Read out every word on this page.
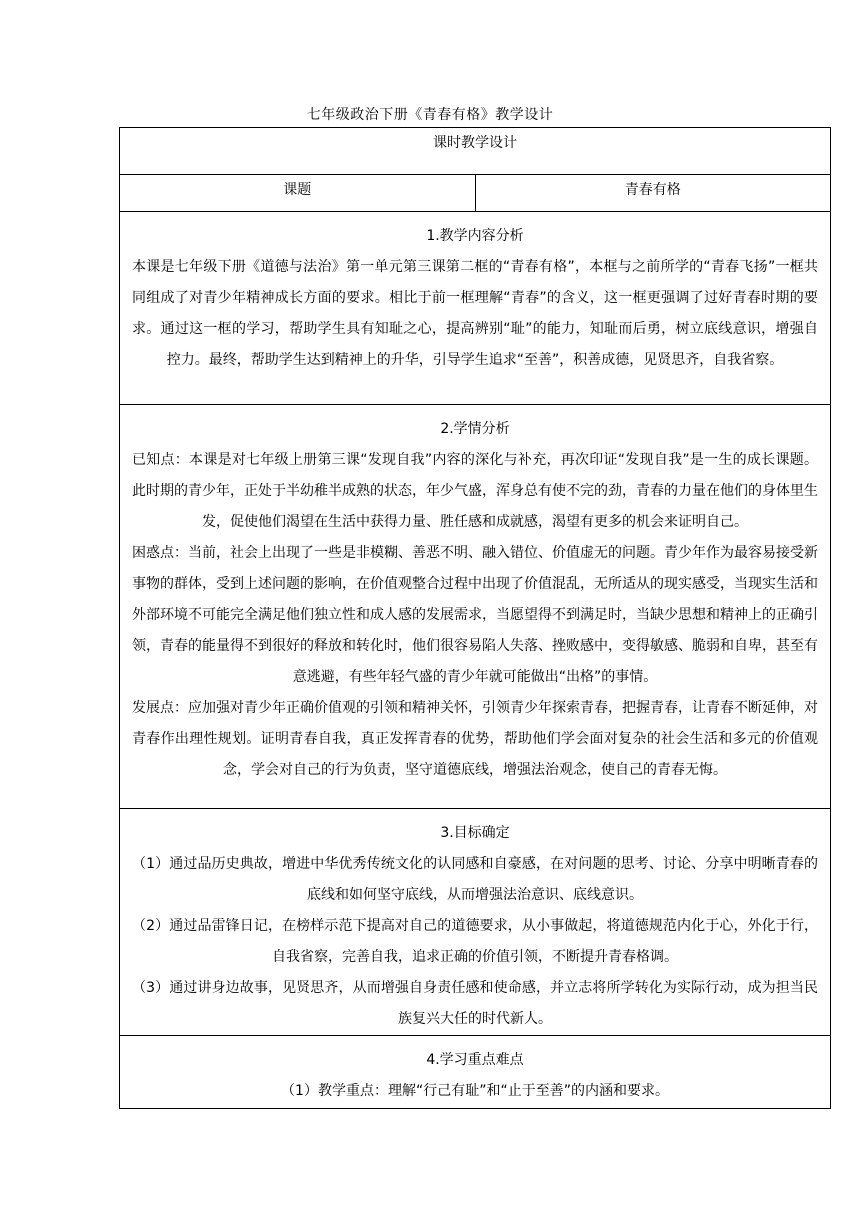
七年级政治下册《青春有格》教学设计
课时教学设计
课题	青春有格

1.教学内容分析
本课是七年级下册《道德与法治》第一单元第三课第二框的“青春有格”，本框与之前所学的“青春飞扬”一框共同组成了对青少年精神成长方面的要求。相比于前一框理解“青春”的含义，这一框更强调了过好青春时期的要求。通过这一框的学习，帮助学生具有知耻之心，提高辨别“耻”的能力，知耻而后勇，树立底线意识，增强自控力。最终，帮助学生达到精神上的升华，引导学生追求“至善”，积善成德，见贤思齐，自我省察。

2.学情分析
已知点：本课是对七年级上册第三课“发现自我”内容的深化与补充，再次印证“发现自我”是一生的成长课题。此时期的青少年，正处于半幼稚半成熟的状态，年少气盛，浑身总有使不完的劲，青春的力量在他们的身体里生发，促使他们渴望在生活中获得力量、胜任感和成就感，渴望有更多的机会来证明自己。
困惑点：当前，社会上出现了一些是非模糊、善恶不明、融入错位、价值虚无的问题。青少年作为最容易接受新事物的群体，受到上述问题的影响，在价值观整合过程中出现了价值混乱，无所适从的现实感受，当现实生活和外部环境不可能完全满足他们独立性和成人感的发展需求，当愿望得不到满足时，当缺少思想和精神上的正确引领，青春的能量得不到很好的释放和转化时，他们很容易陷人失落、挫败感中，变得敏感、脆弱和自卑，甚至有意逃避，有些年轻气盛的青少年就可能做出“出格”的事情。
发展点：应加强对青少年正确价值观的引领和精神关怀，引领青少年探索青春，把握青春，让青春不断延伸，对青春作出理性规划。证明青春自我，真正发挥青春的优势，帮助他们学会面对复杂的社会生活和多元的价值观念，学会对自己的行为负责，坚守道德底线，增强法治观念，使自己的青春无悔。

3.目标确定
（1）通过品历史典故，增进中华优秀传统文化的认同感和自豪感，在对问题的思考、讨论、分享中明晰青春的底线和如何坚守底线，从而增强法治意识、底线意识。
（2）通过品雷锋日记，在榜样示范下提高对自己的道德要求，从小事做起，将道德规范内化于心，外化于行，自我省察，完善自我，追求正确的价值引领，不断提升青春格调。
（3）通过讲身边故事，见贤思齐，从而增强自身责任感和使命感，并立志将所学转化为实际行动，成为担当民族复兴大任的时代新人。

4.学习重点难点
（1）教学重点：理解“行己有耻”和“止于至善”的内涵和要求。
